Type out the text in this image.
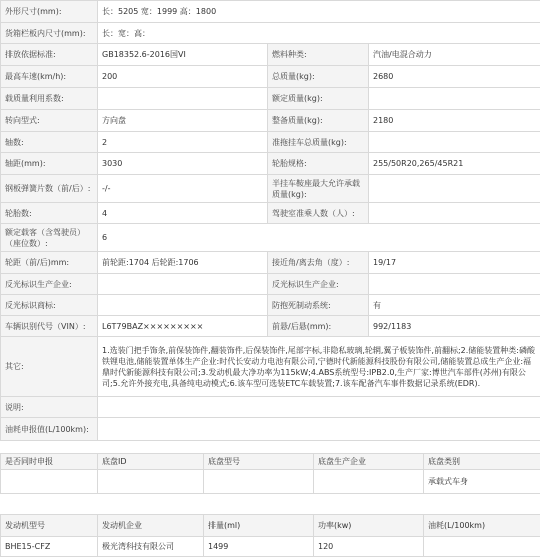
外形尺寸(mm):	长：5205 宽：1999 高：1800		
货箱栏板内尺寸(mm):	长：宽：高：		
排放依据标准:	GB18352.6-2016国VI	燃料种类:	汽油/电混合动力
最高车速(km/h):	200	总质量(kg):	2680
载质量利用系数:		额定质量(kg):	
转向型式:	方向盘	整备质量(kg):	2180
轴数:	2	准拖挂车总质量(kg):	
轴距(mm):	3030	轮胎规格:	255/50R20,265/45R21
钢板弹簧片数（前/后）:	-/-	半挂车鞍座最大允许承载质量(kg):	
轮胎数:	4	驾驶室准乘人数（人）:	
额定载客（含驾驶员）（座位数）:	6		
轮距（前/后)mm:	前轮距:1704 后轮距:1706	接近角/离去角（度）:	19/17
反光标识生产企业:		反光标识生产企业:	
反光标识商标:		防抱死制动系统:	有
车辆识别代号（VIN）:	L6T79BAZ×××××××××	前悬/后悬(mm):	992/1183
其它:	1.选装门把手饰条,前保装饰件,翻装饰件,后保装饰件,尾部字标,非隐私玻璃,轮辋,翼子板装饰件,前翻标;2.储能装置种类:磷酸铁锂电池,储能装置单体生产企业:时代长安动力电池有限公司,宁德时代新能源科技股份有限公司,储能装置总成生产企业:福鼎时代新能源科技有限公司;3.发动机最大净功率为115kW;4.ABS系统型号:IPB2.0,生产厂家:博世汽车部件(苏州)有限公司;5.允许外接充电,具备纯电动模式;6.该车型可选装ETC车载装置;7.该车配备汽车事件数据记录系统(EDR).		
说明:			
油耗申报值(L/100km):			
是否同时申报	底盘ID	底盘型号	底盘生产企业	底盘类别
				承载式车身
发动机型号	发动机企业	排量(ml)	功率(kw)	油耗(L/100km)
BHE15-CFZ	极光湾科技有限公司	1499	120	
